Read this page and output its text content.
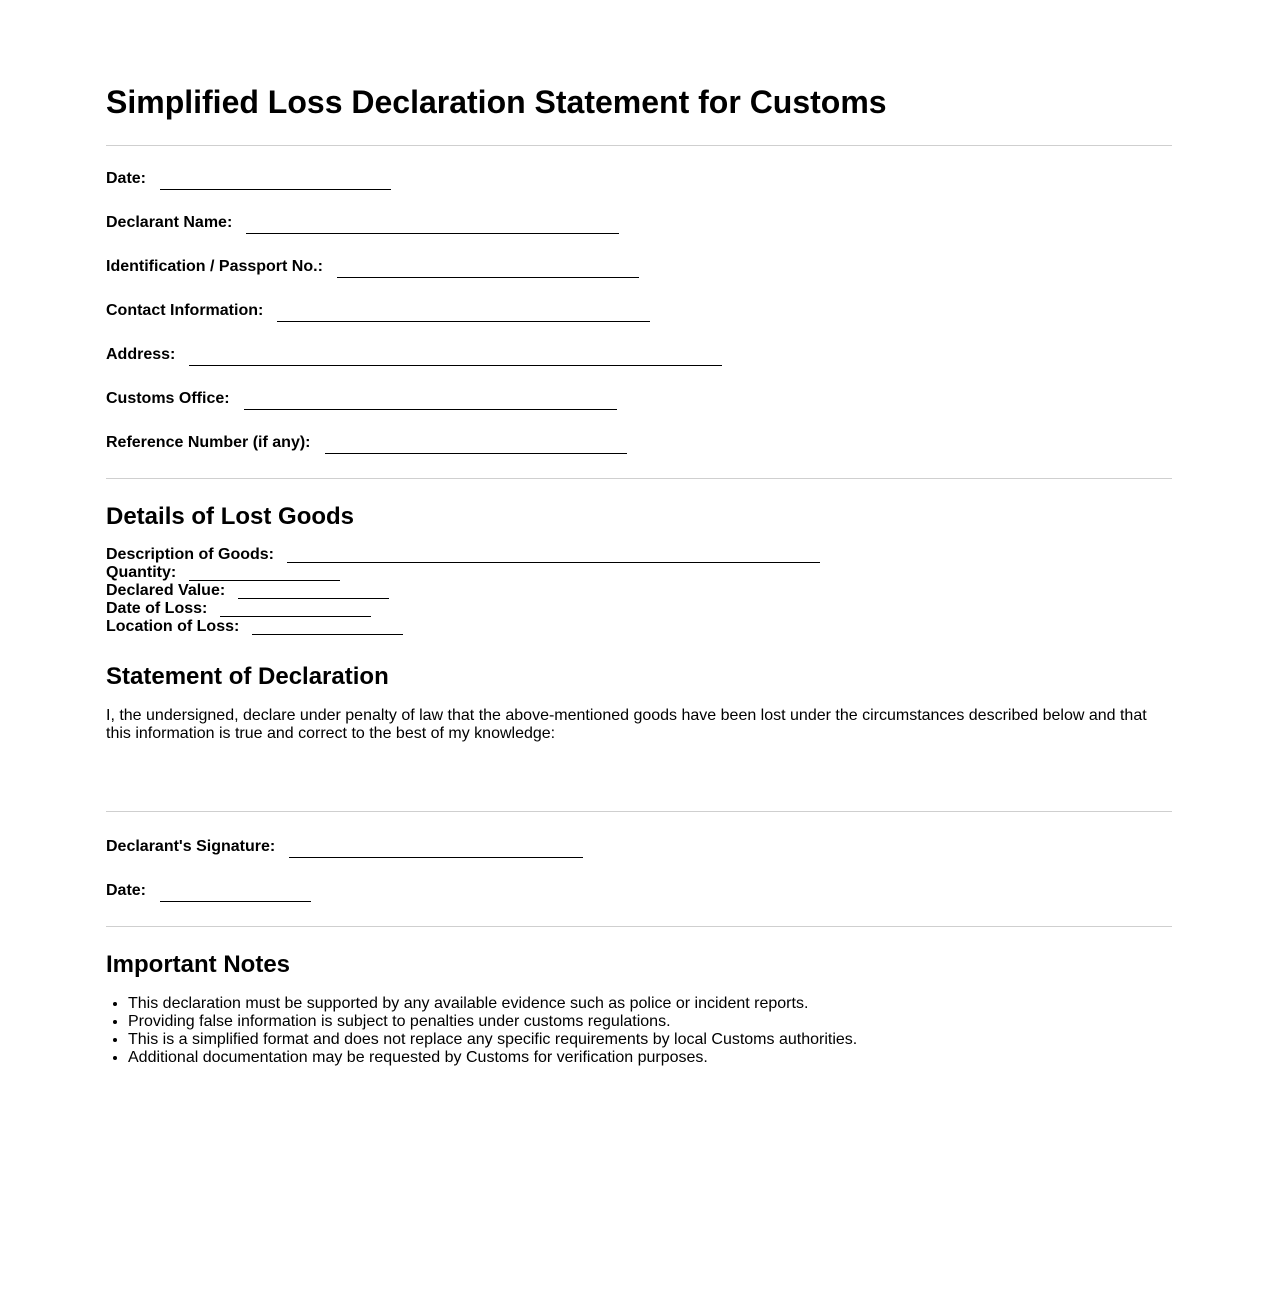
Simplified Loss Declaration Statement for Customs
Date:
Declarant Name:
Identification / Passport No.:
Contact Information:
Address:
Customs Office:
Reference Number (if any):
Details of Lost Goods
Description of Goods:
Quantity:
Declared Value:
Date of Loss:
Location of Loss:
Statement of Declaration

I, the undersigned, declare under penalty of law that the above-mentioned goods have been lost under the circumstances described below and that this information is true and correct to the best of my knowledge:

Declarant's Signature:
Date:
Important Notes
• This declaration must be supported by any available evidence such as police or incident reports.
• Providing false information is subject to penalties under customs regulations.
• This is a simplified format and does not replace any specific requirements by local Customs authorities.
• Additional documentation may be requested by Customs for verification purposes.
